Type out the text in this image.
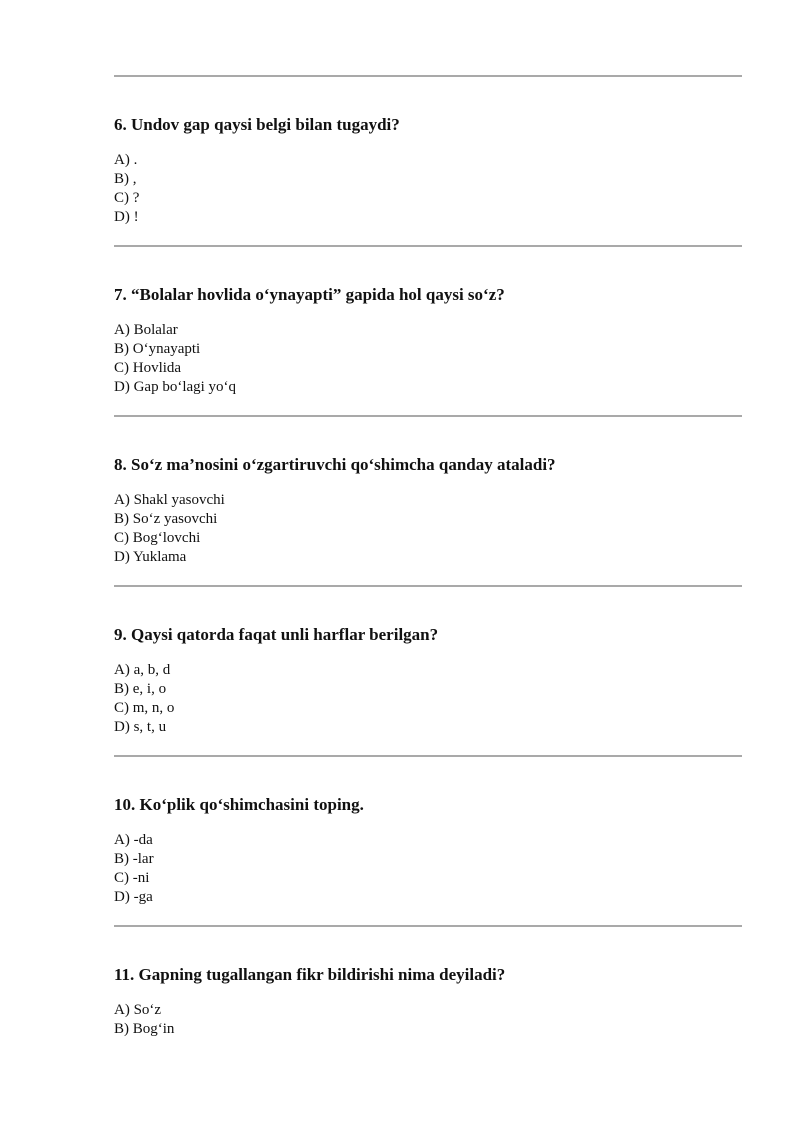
6. Undov gap qaysi belgi bilan tugaydi?

A) .
B) ,
C) ?
D) !

7. “Bolalar hovlida o‘ynayapti” gapida hol qaysi so‘z?

A) Bolalar
B) O‘ynayapti
C) Hovlida
D) Gap bo‘lagi yo‘q

8. So‘z ma’nosini o‘zgartiruvchi qo‘shimcha qanday ataladi?

A) Shakl yasovchi
B) So‘z yasovchi
C) Bog‘lovchi
D) Yuklama

9. Qaysi qatorda faqat unli harflar berilgan?

A) a, b, d
B) e, i, o
C) m, n, o
D) s, t, u

10. Ko‘plik qo‘shimchasini toping.

A) -da
B) -lar
C) -ni
D) -ga

11. Gapning tugallangan fikr bildirishi nima deyiladi?

A) So‘z
B) Bog‘in
